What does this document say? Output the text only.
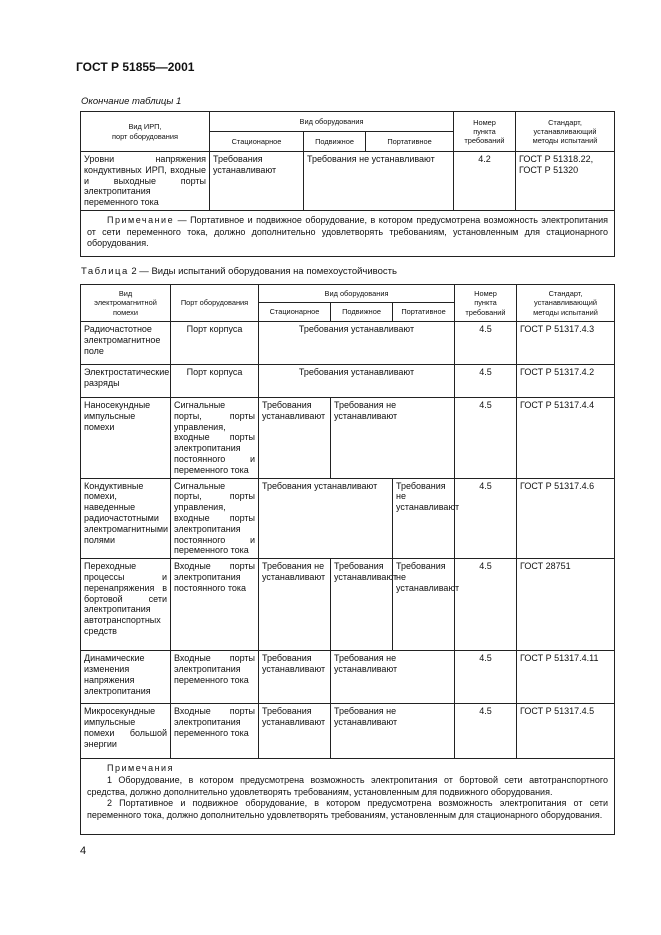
ГОСТ Р 51855—2001
Окончание таблицы 1
Вид ИРП,
порт оборудования	Вид оборудования			Номер
пункта
требований	Стандарт,
устанавливающий
методы испытаний
	Стационарное	Подвижное	Портативное		
Уровни напряжения кондуктивных ИРП, входные и выходные порты электропитания переменного тока	Требования устанавливают	Требования не устанавливают		4.2	ГОСТ Р 51318.22,
ГОСТ Р 51320
Примечание — Портативное и подвижное оборудование, в котором предусмотрена возможность электропитания от сети переменного тока, должно дополнительно удовлетворять требованиям, установленным для стационарного оборудования.					
Таблица 2 — Виды испытаний оборудования на помехоустойчивость
Вид
электромагнитной
помехи	Порт оборудования	Вид оборудования			Номер
пункта
требований	Стандарт,
устанавливающий
методы испытаний
		Стационарное	Подвижное	Портативное		
Радиочастотное электромагнитное поле	Порт корпуса	Требования устанавливают			4.5	ГОСТ Р 51317.4.3
Электростатические разряды	Порт корпуса	Требования устанавливают			4.5	ГОСТ Р 51317.4.2
Наносекундные импульсные помехи	Сигнальные порты, порты управления, входные порты электропитания постоянного и переменного тока	Требования устанавливают	Требования не устанавливают		4.5	ГОСТ Р 51317.4.4
Кондуктивные помехи, наведенные радиочастотными электромагнитными полями	Сигнальные порты, порты управления, входные порты электропитания постоянного и переменного тока	Требования устанавливают		Требования не устанавливают	4.5	ГОСТ Р 51317.4.6
Переходные процессы и перенапряжения в бортовой сети электропитания автотранспортных средств	Входные порты электропитания постоянного тока	Требования не устанавливают	Требования устанавливают	Требования не устанавливают	4.5	ГОСТ 28751
Динамические изменения напряжения электропитания	Входные порты электропитания переменного тока	Требования устанавливают	Требования не устанавливают		4.5	ГОСТ Р 51317.4.11
Микросекундные импульсные помехи большой энергии	Входные порты электропитания переменного тока	Требования устанавливают	Требования не устанавливают		4.5	ГОСТ Р 51317.4.5

Примечания
1 Оборудование, в котором предусмотрена возможность электропитания от бортовой сети автотранспортного средства, должно дополнительно удовлетворять требованиям, установленным для подвижного оборудования.
2 Портативное и подвижное оборудование, в котором предусмотрена возможность электропитания от сети переменного тока, должно дополнительно удовлетворять требованиям, установленным для стационарного оборудования.						
4
